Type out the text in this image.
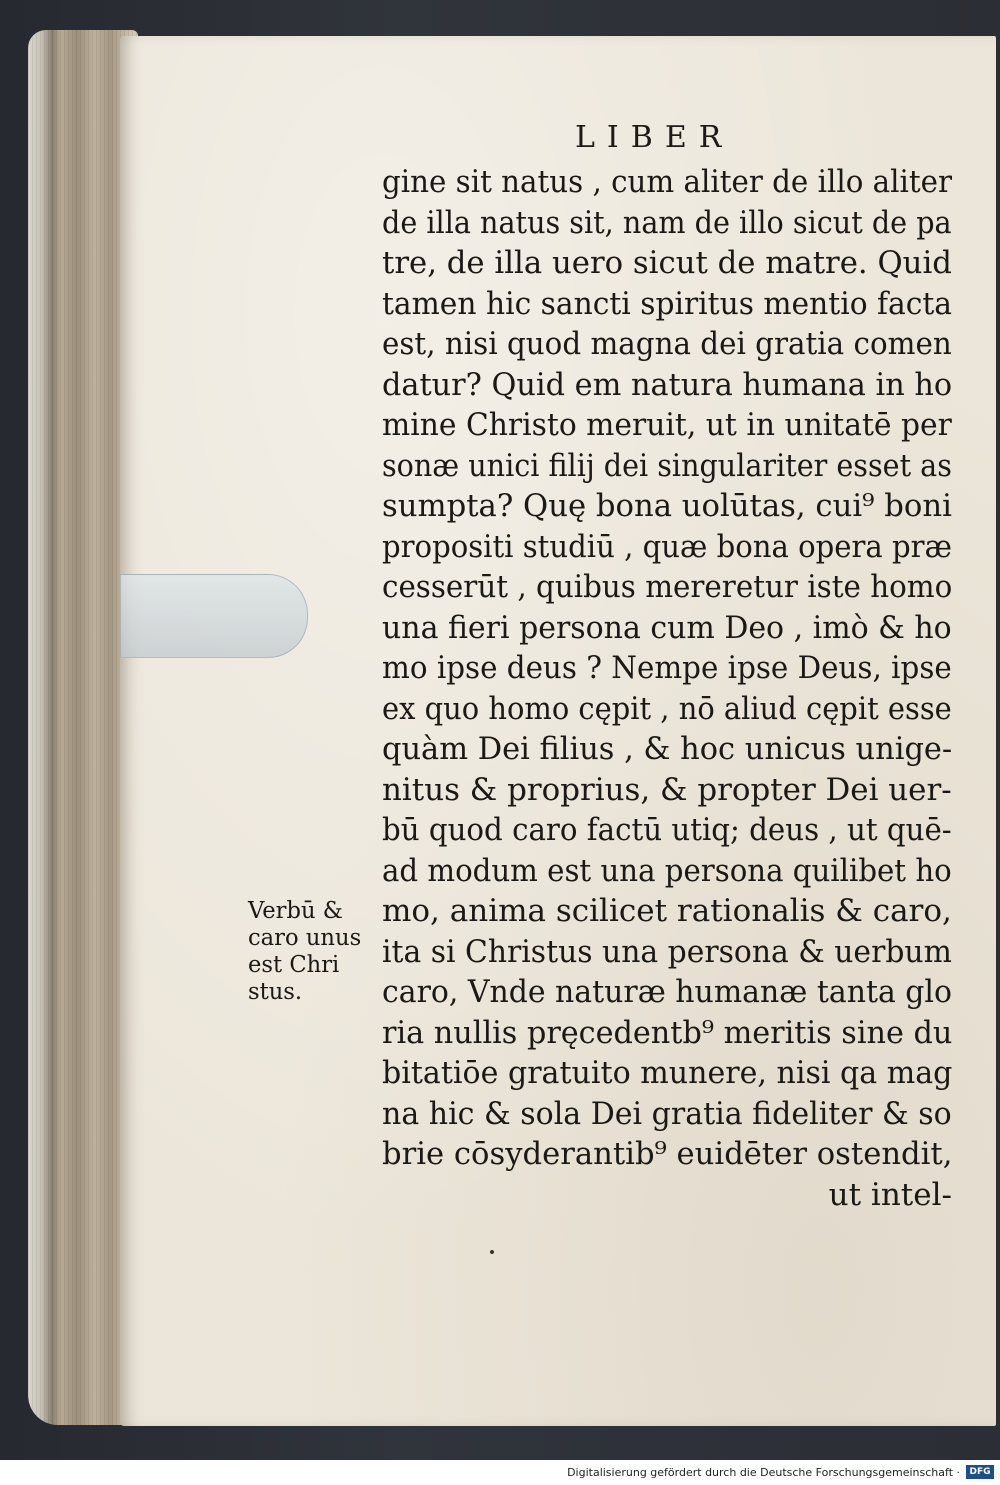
LIBER
gine sit natus , cum aliter de illo aliter
de illa natus sit, nam de illo sicut de pa
tre, de illa uero sicut de matre. Quid
tamen hic sancti spiritus mentio facta
est, nisi quod magna dei gratia comen
datur? Quid em natura humana in ho
mine Christo meruit, ut in unitatē per
sonæ unici filij dei singulariter esset as
sumpta? Quę bona uolūtas, cui⁹ boni
propositi studiū , quæ bona opera præ
cesserūt , quibus mereretur iste homo
una fieri persona cum Deo , imò & ho
mo ipse deus ? Nempe ipse Deus, ipse
ex quo homo cępit , nō aliud cępit esse
quàm Dei filius , & hoc unicus unige-
nitus & proprius, & propter Dei uer-
bū quod caro factū utiq; deus , ut quē-
ad modum est una persona quilibet ho
mo, anima scilicet rationalis & caro,
ita si Christus una persona & uerbum
caro, Vnde naturæ humanæ tanta glo
ria nullis pręcedentb⁹ meritis sine du
bitatiōe gratuito munere, nisi qa mag
na hic & sola Dei gratia fideliter & so
brie cōsyderantib⁹ euidēter ostendit,
ut intel-
Verbū &
caro unus
est Chri
stus.
Digitalisierung gefördert durch die Deutsche Forschungsgemeinschaft ·	DFG
